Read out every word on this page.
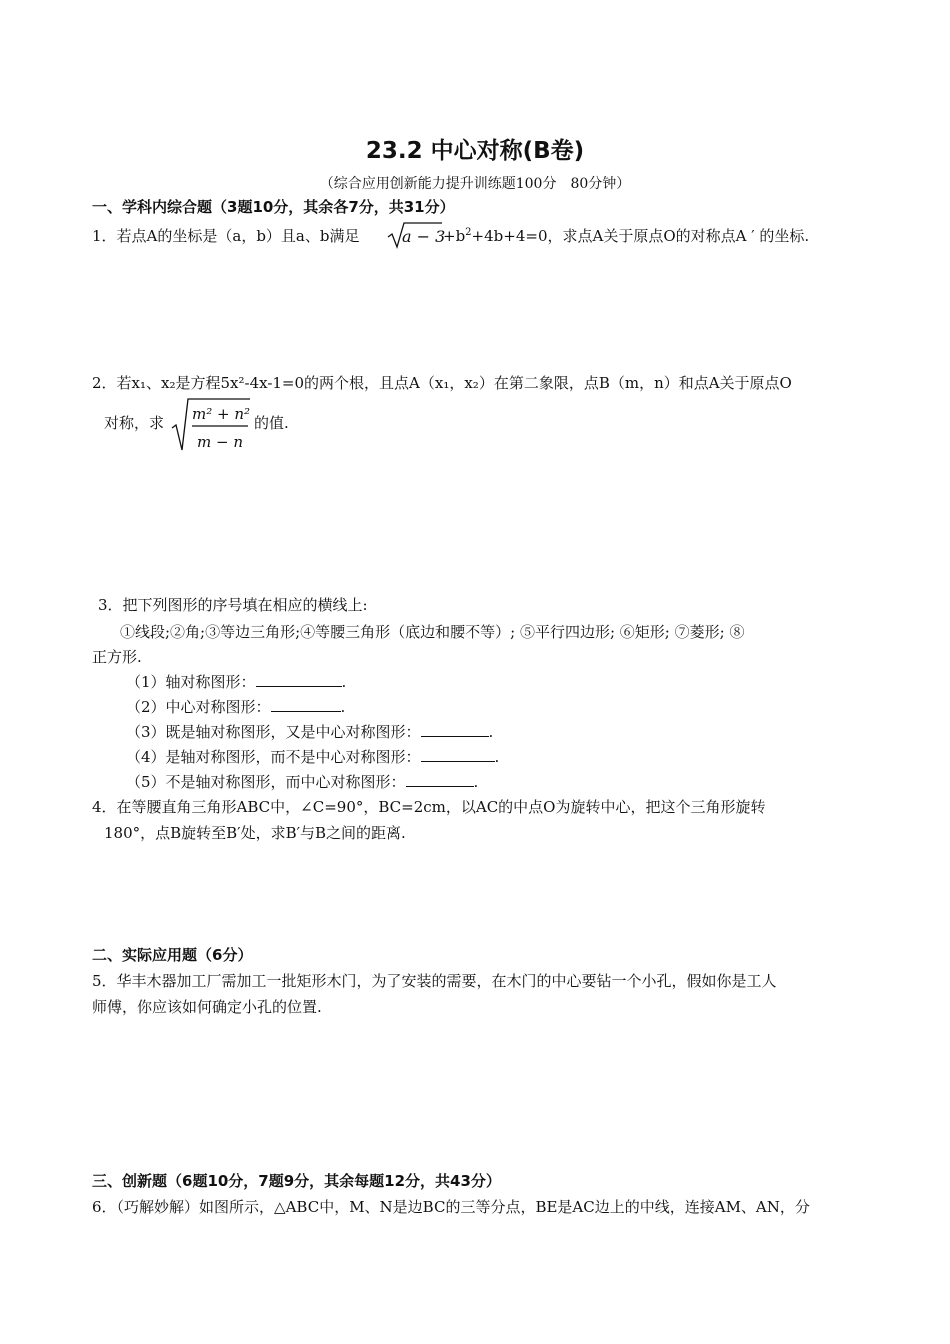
23.2 中心对称(B卷)
（综合应用创新能力提升训练题100分　80分钟）
一、学科内综合题（3题10分，其余各7分，共31分）
1．若点A的坐标是（a，b）且a、b满足	a − 3
$+b^2+4b+4=0$，求点A关于原点O的对称点A ′ 的坐标.
2．若x₁、x₂是方程5x²-4x-1=0的两个根，且点A（x₁，x₂）在第二象限，点B（m，n）和点A关于原点O
对称，求 m² + n²
m − n
的值.
3．把下列图形的序号填在相应的横线上:
①线段;②角;③等边三角形;④等腰三角形（底边和腰不等）; ⑤平行四边形; ⑥矩形; ⑦菱形; ⑧
正方形.
（1）轴对称图形：	.
（2）中心对称图形：	.
（3）既是轴对称图形，又是中心对称图形：	.
（4）是轴对称图形，而不是中心对称图形：	.
（5）不是轴对称图形，而中心对称图形：	.
4．在等腰直角三角形ABC中，∠C=90°，BC=2cm，以AC的中点O为旋转中心，把这个三角形旋转
180°，点B旋转至B′处，求B′与B之间的距离.
二、实际应用题（6分）
5．华丰木器加工厂需加工一批矩形木门，为了安装的需要，在木门的中心要钻一个小孔，假如你是工人
师傅，你应该如何确定小孔的位置.
三、创新题（6题10分，7题9分，其余每题12分，共43分）
6．（巧解妙解）如图所示，△ABC中，M、N是边BC的三等分点，BE是AC边上的中线，连接AM、AN，分
